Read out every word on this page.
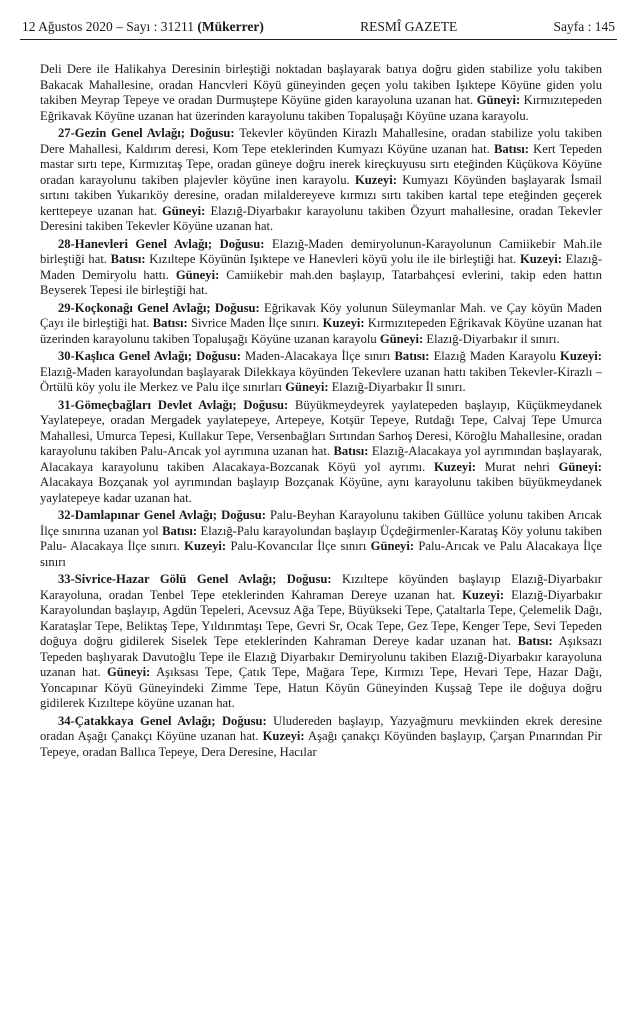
12 Ağustos 2020 – Sayı : 31211 (Mükerrer)	RESMÎ GAZETE	Sayfa : 145

Deli Dere ile Halikahya Deresinin birleştiği noktadan başlayarak batıya doğru giden stabilize yolu takiben Bakacak Mahallesine, oradan Hancvleri Köyü güneyinden geçen yolu takiben Işıktepe Köyüne giden yolu takiben Meyrap Tepeye ve oradan Durmuştepe Köyüne giden karayoluna uzanan hat. Güneyi: Kırmızıtepeden Eğrikavak Köyüne uzanan hat üzerinden karayolunu takiben Topaluşağı Köyüne uzana karayolu.

27-Gezin Genel Avlağı; Doğusu: Tekevler köyünden Kirazlı Mahallesine, oradan stabilize yolu takiben Dere Mahallesi, Kaldırım deresi, Kom Tepe eteklerinden Kumyazı Köyüne uzanan hat. Batısı: Kert Tepeden mastar sırtı tepe, Kırmızıtaş Tepe, oradan güneye doğru inerek kireçkuyusu sırtı eteğinden Küçükova Köyüne oradan karayolunu takiben plajevler köyüne inen karayolu. Kuzeyi: Kumyazı Köyünden başlayarak İsmail sırtını takiben Yukarıköy deresine, oradan milaldereyeve kırmızı sırtı takiben kartal tepe eteğinden geçerek kerttepeye uzanan hat. Güneyi: Elazığ-Diyarbakır karayolunu takiben Özyurt mahallesine, oradan Tekevler Deresini takiben Tekevler Köyüne uzanan hat.

28-Hanevleri Genel Avlağı; Doğusu: Elazığ-Maden demiryolunun-Karayolunun Camiikebir Mah.ile birleştiği hat. Batısı: Kızıltepe Köyünün Işıktepe ve Hanevleri köyü yolu ile ile birleştiği hat. Kuzeyi: Elazığ-Maden Demiryolu hattı. Güneyi: Camiikebir mah.den başlayıp, Tatarbahçesi evlerini, takip eden hattın Beyserek Tepesi ile birleştiği hat.

29-Koçkonağı Genel Avlağı; Doğusu: Eğrikavak Köy yolunun Süleymanlar Mah. ve Çay köyün Maden Çayı ile birleştiği hat. Batısı: Sivrice Maden İlçe sınırı. Kuzeyi: Kırmızıtepeden Eğrikavak Köyüne uzanan hat üzerinden karayolunu takiben Topaluşağı Köyüne uzanan karayolu Güneyi: Elazığ-Diyarbakır il sınırı.

30-Kaşlıca Genel Avlağı; Doğusu: Maden-Alacakaya İlçe sınırı Batısı: Elazığ Maden Karayolu Kuzeyi: Elazığ-Maden karayolundan başlayarak Dilekkaya köyünden Tekevlere uzanan hattı takiben Tekevler-Kirazlı –Örtülü köy yolu ile Merkez ve Palu ilçe sınırları Güneyi: Elazığ-Diyarbakır İl sınırı.

31-Gömeçbağları Devlet Avlağı; Doğusu: Büyükmeydeyrek yaylatepeden başlayıp, Küçükmeydanek Yaylatepeye, oradan Mergadek yaylatepeye, Artepeye, Kotşür Tepeye, Rutdağı Tepe, Calvaj Tepe Umurca Mahallesi, Umurca Tepesi, Kullakur Tepe, Versenbağları Sırtından Sarhoş Deresi, Köroğlu Mahallesine, oradan karayolunu takiben Palu-Arıcak yol ayrımına uzanan hat. Batısı: Elazığ-Alacakaya yol ayrımından başlayarak, Alacakaya karayolunu takiben Alacakaya-Bozcanak Köyü yol ayrımı. Kuzeyi: Murat nehri Güneyi: Alacakaya Bozçanak yol ayrımından başlayıp Bozçanak Köyüne, aynı karayolunu takiben büyükmeydanek yaylatepeye kadar uzanan hat.

32-Damlapınar Genel Avlağı; Doğusu: Palu-Beyhan Karayolunu takiben Güllüce yolunu takiben Arıcak İlçe sınırına uzanan yol Batısı: Elazığ-Palu karayolundan başlayıp Üçdeğirmenler-Karataş Köy yolunu takiben Palu- Alacakaya İlçe sınırı. Kuzeyi: Palu-Kovancılar İlçe sınırı Güneyi: Palu-Arıcak ve Palu Alacakaya İlçe sınırı

33-Sivrice-Hazar Gölü Genel Avlağı; Doğusu: Kızıltepe köyünden başlayıp Elazığ-Diyarbakır Karayoluna, oradan Tenbel Tepe eteklerinden Kahraman Dereye uzanan hat. Kuzeyi: Elazığ-Diyarbakır Karayolundan başlayıp, Agdün Tepeleri, Acevsuz Ağa Tepe, Büyükseki Tepe, Çataltarla Tepe, Çelemelik Dağı, Karataşlar Tepe, Beliktaş Tepe, Yıldırımtaşı Tepe, Gevri Sr, Ocak Tepe, Gez Tepe, Kenger Tepe, Sevi Tepeden doğuya doğru gidilerek Siselek Tepe eteklerinden Kahraman Dereye kadar uzanan hat. Batısı: Aşıksazı Tepeden başlıyarak Davutoğlu Tepe ile Elazığ Diyarbakır Demiryolunu takiben Elazığ-Diyarbakır karayoluna uzanan hat. Güneyi: Aşıksası Tepe, Çatık Tepe, Mağara Tepe, Kırmızı Tepe, Hevari Tepe, Hazar Dağı, Yoncapınar Köyü Güneyindeki Zimme Tepe, Hatun Köyün Güneyinden Kuşsağ Tepe ile doğuya doğru gidilerek Kızıltepe köyüne uzanan hat.

34-Çatakkaya Genel Avlağı; Doğusu: Uludereden başlayıp, Yazyağmuru mevkiinden ekrek deresine oradan Aşağı Çanakçı Köyüne uzanan hat. Kuzeyi: Aşağı çanakçı Köyünden başlayıp, Çarşan Pınarından Pir Tepeye, oradan Ballıca Tepeye, Dera Deresine, Hacılar
